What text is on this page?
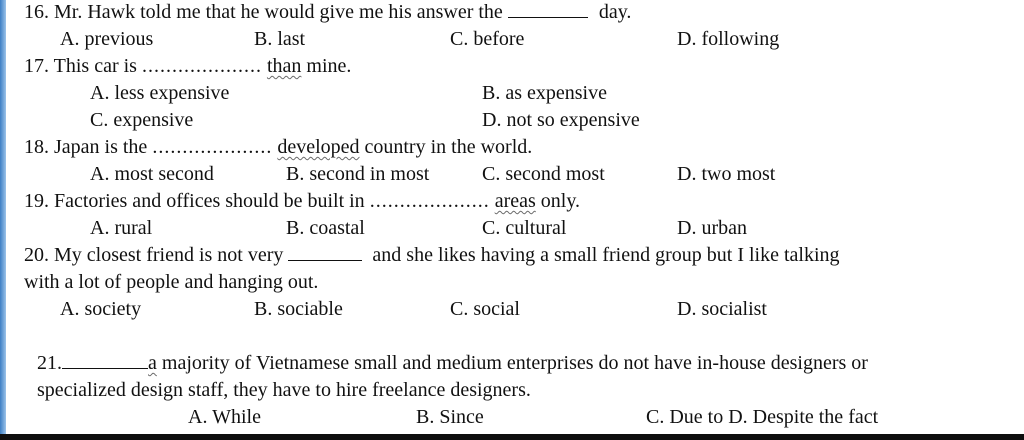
16. Mr. Hawk told me that he would give me his answer the	day.
A. previous	B. last	C. before	D. following
17. This car is .................... than mine.
A. less expensive	B. as expensive
C. expensive	D. not so expensive
18. Japan is the .................... developed country in the world.
A. most second	B. second in most	C. second most	D. two most
19. Factories and offices should be built in .................... areas only.
A. rural	B. coastal	C. cultural	D. urban
20. My closest friend is not very	and she likes having a small friend group but I like talking
with a lot of people and hanging out.
A. society	B. sociable	C. social	D. socialist
21.	a majority of Vietnamese small and medium enterprises do not have in-house designers or
specialized design staff, they have to hire freelance designers.
A. While	B. Since	C. Due to D. Despite the fact
